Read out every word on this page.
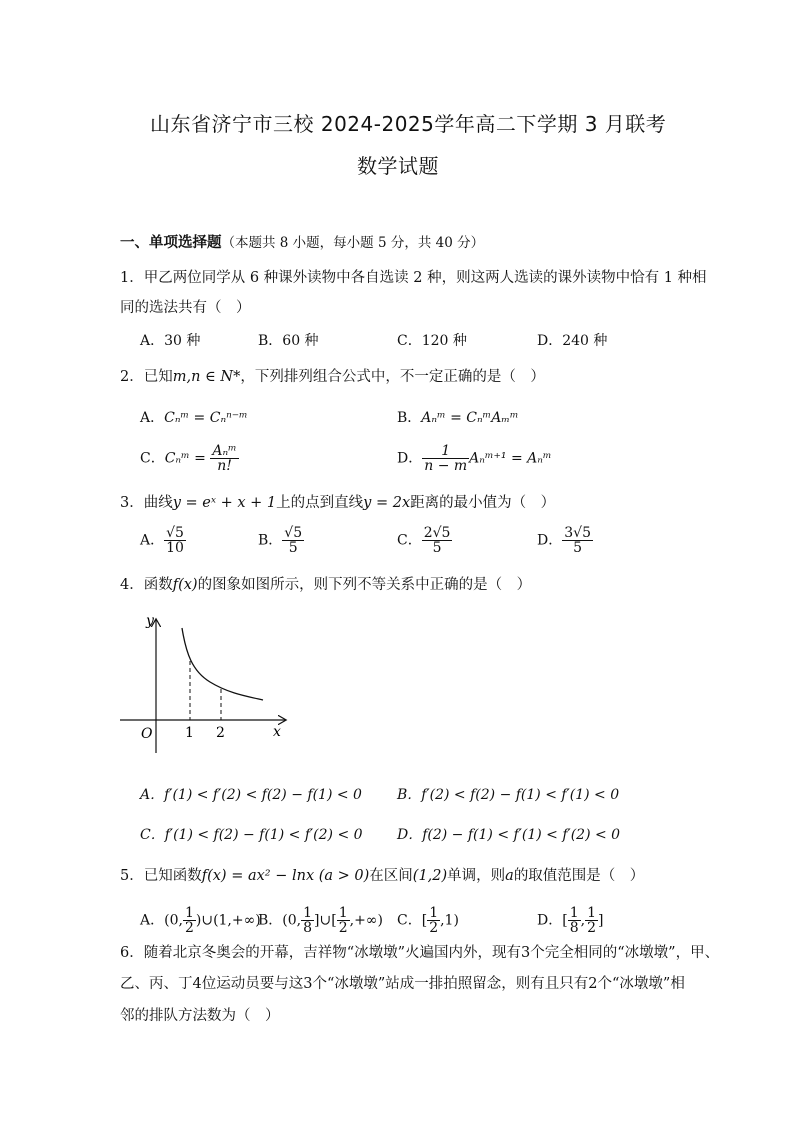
山东省济宁市三校 2024-2025学年高二下学期 3 月联考
数学试题
一、单项选择题（本题共 8 小题，每小题 5 分，共 40 分）
1．甲乙两位同学从 6 种课外读物中各自选读 2 种，则这两人选读的课外读物中恰有 1 种相
同的选法共有（　）
A．30 种	B．60 种	C．120 种	D．240 种
2．已知m,n ∈ N*，下列排列组合公式中，不一定正确的是（　）
A．Cₙᵐ = Cₙⁿ⁻ᵐ	B．Aₙᵐ = CₙᵐAₘᵐ
C．Cₙᵐ = $\frac{\text{Aₙᵐ}}{n!}$	D． $\frac{1}{n - m}$ Aₙᵐ⁺¹ = Aₙᵐ
3．曲线y = eˣ + x + 1上的点到直线y = 2x距离的最小值为（　）
A． $\frac{√5}{10}$	B． $\frac{√5}{5}$	C． $\frac{2√5}{5}$	D． $\frac{3√5}{5}$
4．函数f(x)的图象如图所示，则下列不等关系中正确的是（　）
y
x
O 1 2
A．f′(1) < f′(2) < f(2) − f(1) < 0	B．f′(2) < f(2) − f(1) < f′(1) < 0
C．f′(1) < f(2) − f(1) < f′(2) < 0 D．f(2) − f(1) < f′(1) < f′(2) < 0
5．已知函数f(x) = ax² − lnx (a > 0)在区间(1,2)单调，则a的取值范围是（　）
A．(0, $\frac{1}{2}$ )∪(1,+∞)
B．(0, $\frac{1}{8}$ ]∪[ $\frac{1}{2}$ ,+∞) C．[ $\frac{1}{2} ,1$)	D．[ $\frac{1}{8}$ , $\frac{1}{2}$ ]
6．随着北京冬奥会的开幕，吉祥物“冰墩墩”火遍国内外，现有3个完全相同的“冰墩墩”，甲、
乙、丙、丁4位运动员要与这3个“冰墩墩”站成一排拍照留念，则有且只有2个“冰墩墩”相
邻的排队方法数为（　）
